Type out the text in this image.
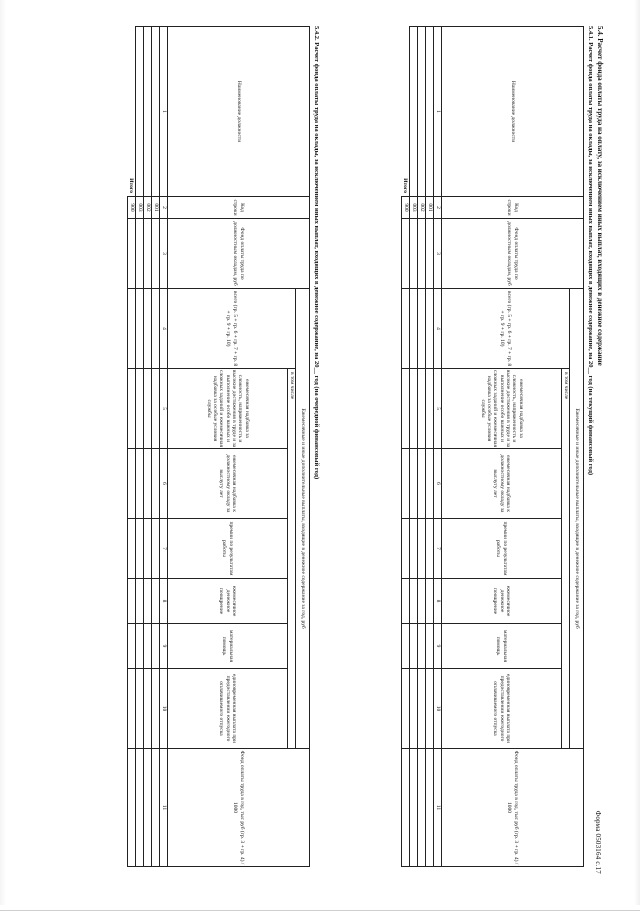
Форма 0503164 с.17
5.4. Расчет фонда оплаты труда на оплату, за исключением иных выплат, входящих в денежное содержание
5.4.1. Расчет фонда оплаты труда на оклады, за исключением иных выплат, входящих в денежное содержание, на 20__ год (на текущий финансовый год)
Наименование должности	Код строки	Фонд оплаты труда по должностным окладам, руб	Ежемесячные и иные дополнительные выплаты, входящие в денежное содержание за год, руб							Фонд оплаты труда в год, тыс руб (гр. 3 + гр. 4) / 1000
			всего (гр. 5 + гр. 6 + гр. 7 + гр. 8 + гр. 9 + гр. 10)	в том числе						
				ежемесячная надбавка за сложность, напряженность и высокие достижения в труде и за выполнение особо важных и сложных заданий и ежемесячная надбавка за особые условия службы	ежемесячная надбавка к должностному окладу за выслугу лет	премии по результатам работы	ежемесячное денежное поощрение	материальная помощь	единовременная выплата при предоставлении ежегодного оплачиваемого отпуска	
1	2	3	4	5	6	7	8	9	10	11
	001									
	002									
	003									
Итого	900									
5.4.2. Расчет фонда оплаты труда на оклады, за исключением иных выплат, входящих в денежное содержание, на 20__ год (на очередной финансовый год)
Наименование должности	Код строки	Фонд оплаты труда по должностным окладам, руб	Ежемесячные и иные дополнительные выплаты, входящие в денежное содержание за год, руб							Фонд оплаты труда в год, тыс руб (гр. 3 + гр. 4) / 1000
			всего (гр. 5 + гр. 6 + гр. 7 + гр. 8 + гр. 9 + гр. 10)	в том числе						
				ежемесячная надбавка за сложность, напряженность и высокие достижения в труде и за выполнение особо важных и сложных заданий и ежемесячная надбавка за особые условия службы	ежемесячная надбавка к должностному окладу за выслугу лет	премии по результатам работы	ежемесячное денежное поощрение	материальная помощь	единовременная выплата при предоставлении ежегодного оплачиваемого отпуска	
1	2	3	4	5	6	7	8	9	10	11
	001									
	002									
	003									
Итого	900									
